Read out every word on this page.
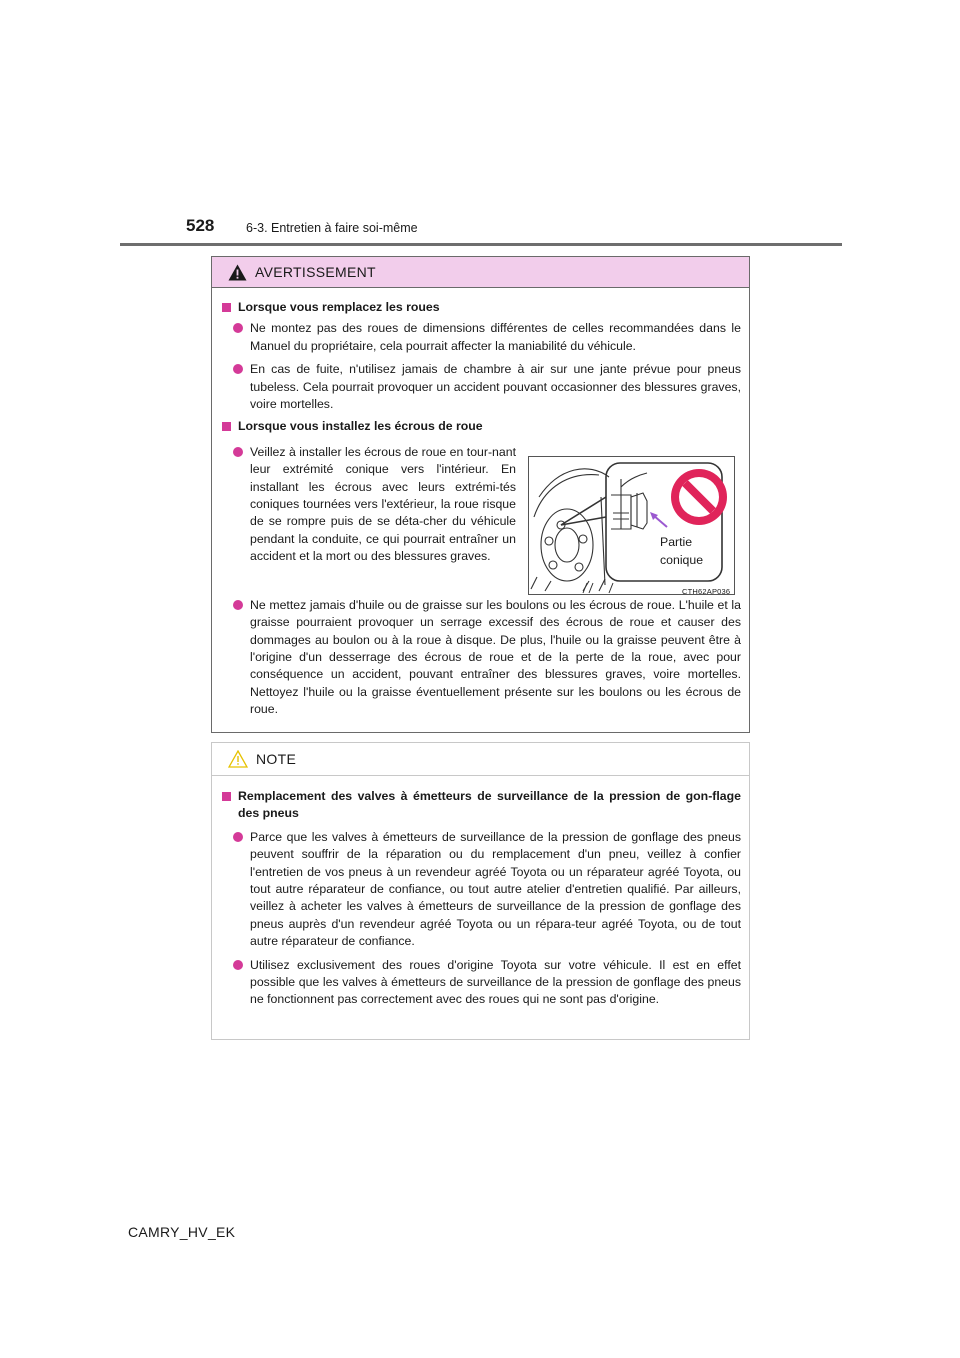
528	6-3. Entretien à faire soi-même
AVERTISSEMENT
Lorsque vous remplacez les roues
Ne montez pas des roues de dimensions différentes de celles recommandées dans le Manuel du propriétaire, cela pourrait affecter la maniabilité du véhicule.
En cas de fuite, n'utilisez jamais de chambre à air sur une jante prévue pour pneus tubeless. Cela pourrait provoquer un accident pouvant occasionner des blessures graves, voire mortelles.
Lorsque vous installez les écrous de roue
Veillez à installer les écrous de roue en tour-nant leur extrémité conique vers l'intérieur. En installant les écrous avec leurs extrémi-tés coniques tournées vers l'extérieur, la roue risque de se rompre puis de se déta-cher du véhicule pendant la conduite, ce qui pourrait entraîner un accident et la mort ou des blessures graves.
Partie
conique
CTH62AP036
Ne mettez jamais d'huile ou de graisse sur les boulons ou les écrous de roue. L'huile et la graisse pourraient provoquer un serrage excessif des écrous de roue et causer des dommages au boulon ou à la roue à disque. De plus, l'huile ou la graisse peuvent être à l'origine d'un desserrage des écrous de roue et de la perte de la roue, avec pour conséquence un accident, pouvant entraîner des blessures graves, voire mortelles. Nettoyez l'huile ou la graisse éventuellement présente sur les boulons ou les écrous de roue.
NOTE
Remplacement des valves à émetteurs de surveillance de la pression de gon-flage des pneus
Parce que les valves à émetteurs de surveillance de la pression de gonflage des pneus peuvent souffrir de la réparation ou du remplacement d'un pneu, veillez à confier l'entretien de vos pneus à un revendeur agréé Toyota ou un réparateur agréé Toyota, ou tout autre réparateur de confiance, ou tout autre atelier d'entretien qualifié. Par ailleurs, veillez à acheter les valves à émetteurs de surveillance de la pression de gonflage des pneus auprès d'un revendeur agréé Toyota ou un répara-teur agréé Toyota, ou de tout autre réparateur de confiance.
Utilisez exclusivement des roues d'origine Toyota sur votre véhicule. Il est en effet possible que les valves à émetteurs de surveillance de la pression de gonflage des pneus ne fonctionnent pas correctement avec des roues qui ne sont pas d'origine.
CAMRY_HV_EK
